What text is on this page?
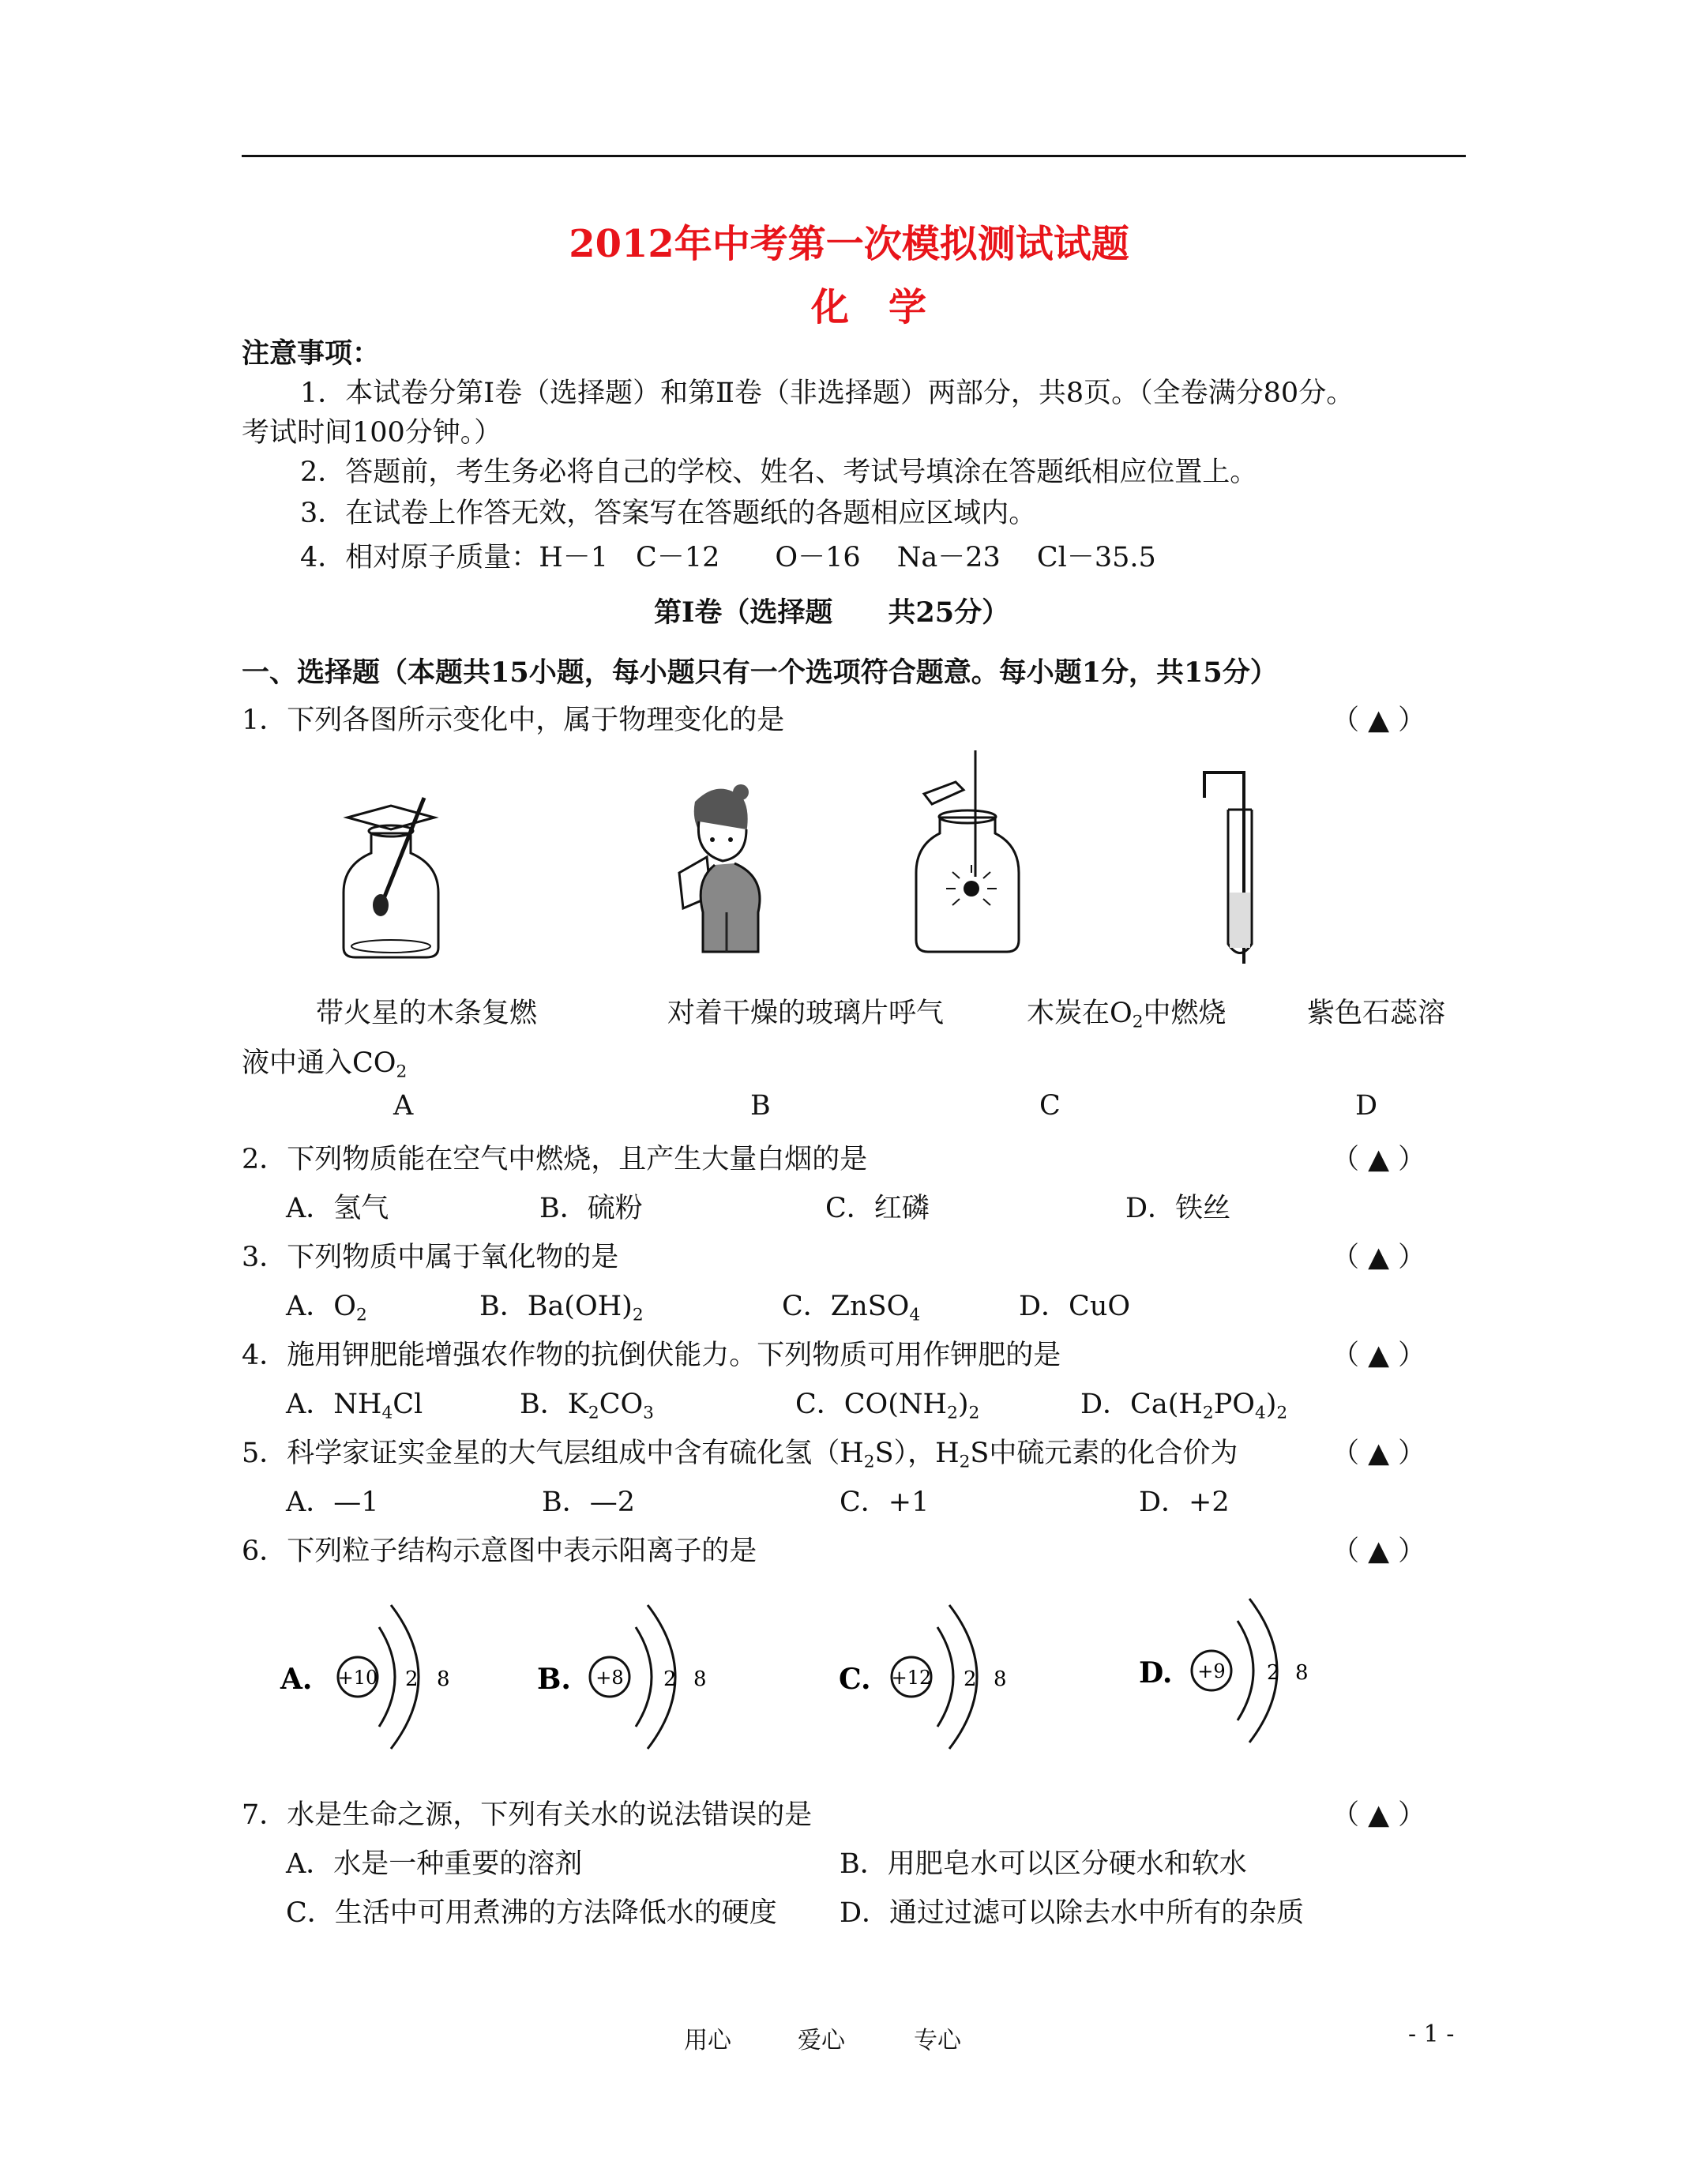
2012年中考第一次模拟测试试题
化学
注意事项：
1．本试卷分第Ⅰ卷（选择题）和第Ⅱ卷（非选择题）两部分，共8页。（全卷满分80分。
考试时间100分钟。）
2．答题前，考生务必将自己的学校、姓名、考试号填涂在答题纸相应位置上。
3．在试卷上作答无效，答案写在答题纸的各题相应区域内。
4．相对原子质量：H－1　C－12　　O－16　 Na－23　 Cl－35.5
第Ⅰ卷（选择题　　共25分）
一、选择题（本题共15小题，每小题只有一个选项符合题意。每小题1分，共15分）
1．下列各图所示变化中，属于物理变化的是	（ ▲ ）
带火星的木条复燃	对着干燥的玻璃片呼气	木炭在$O_2$中燃烧	紫色石蕊溶
液中通入$CO_2$
A	B	C	D
2．下列物质能在空气中燃烧，且产生大量白烟的是	（ ▲ ）
A．氢气	B．硫粉	C．红磷	D．铁丝
3．下列物质中属于氧化物的是	（ ▲ ）
A．$O_2$	B．$Ba(OH)_2$	C．ZnSO$_4$	D．CuO
4．施用钾肥能增强农作物的抗倒伏能力。下列物质可用作钾肥的是	（ ▲ ）
A．$NH_4Cl$	B．$K_2CO_3$	C．$CO(NH_2)_2$	D．$Ca(H_2PO_4)_2$
5．科学家证实金星的大气层组成中含有硫化氢$(H_2S)$，$H_2S$中硫元素的化合价为	（ ▲ ）
A．—1	B．—2	C．+1	D．+2
6．下列粒子结构示意图中表示阳离子的是	（ ▲ ）
A. +10 2 8	B. +8 2 8	C. +12 2 8	D. +9 2 8
7．水是生命之源，下列有关水的说法错误的是	（ ▲ ）
A．水是一种重要的溶剂	B．用肥皂水可以区分硬水和软水
C．生活中可用煮沸的方法降低水的硬度 D．通过过滤可以除去水中所有的杂质
用心	爱心	专心	- 1 -
